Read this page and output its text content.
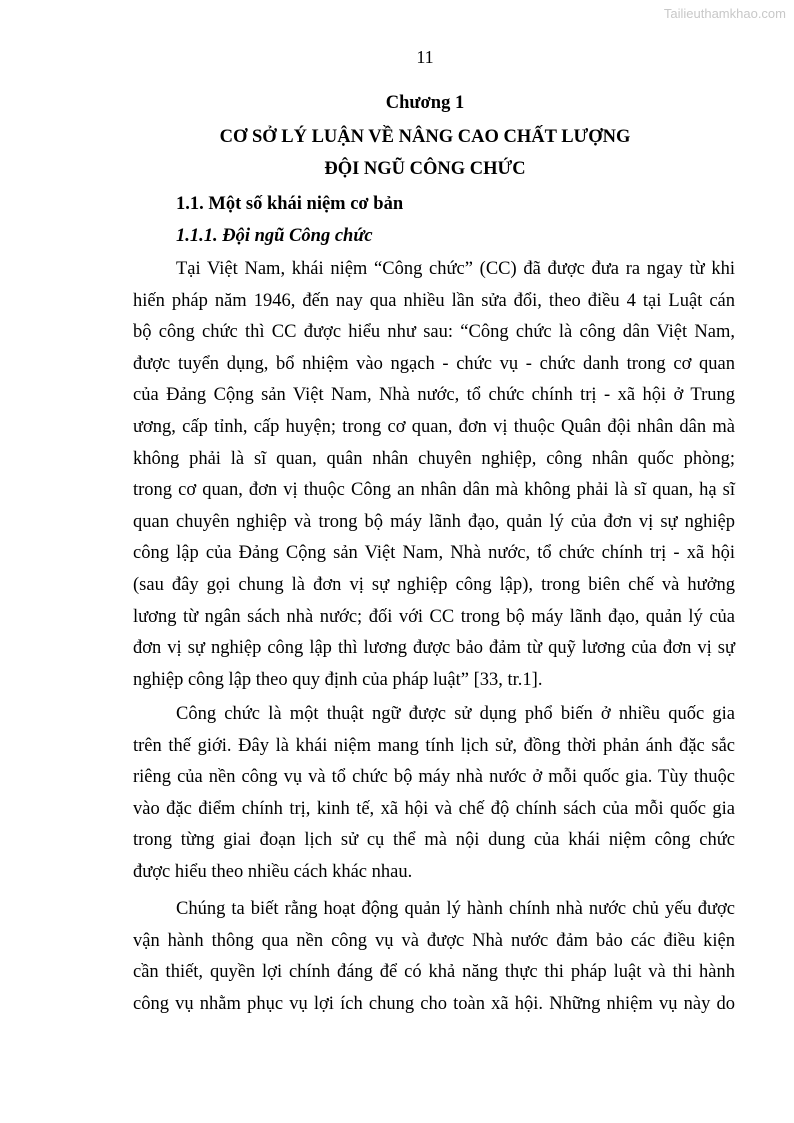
Tailieuthamkhao.com
11
Chương 1
CƠ SỞ LÝ LUẬN VỀ NÂNG CAO CHẤT LƯỢNG
ĐỘI NGŨ CÔNG CHỨC
1.1. Một số khái niệm cơ bản
1.1.1. Đội ngũ Công chức
Tại Việt Nam, khái niệm “Công chức” (CC) đã được đưa ra ngay từ khi
hiến pháp năm 1946, đến nay qua nhiều lần sửa đổi, theo điều 4 tại Luật cán
bộ công chức thì CC được hiểu như sau: “Công chức là công dân Việt Nam,
được tuyển dụng, bổ nhiệm vào ngạch - chức vụ - chức danh trong cơ quan
của Đảng Cộng sản Việt Nam, Nhà nước, tổ chức chính trị - xã hội ở Trung
ương, cấp tỉnh, cấp huyện; trong cơ quan, đơn vị thuộc Quân đội nhân dân mà
không phải là sĩ quan, quân nhân chuyên nghiệp, công nhân quốc phòng;
trong cơ quan, đơn vị thuộc Công an nhân dân mà không phải là sĩ quan, hạ sĩ
quan chuyên nghiệp và trong bộ máy lãnh đạo, quản lý của đơn vị sự nghiệp
công lập của Đảng Cộng sản Việt Nam, Nhà nước, tổ chức chính trị - xã hội
(sau đây gọi chung là đơn vị sự nghiệp công lập), trong biên chế và hưởng
lương từ ngân sách nhà nước; đối với CC trong bộ máy lãnh đạo, quản lý của
đơn vị sự nghiệp công lập thì lương được bảo đảm từ quỹ lương của đơn vị sự
nghiệp công lập theo quy định của pháp luật” [33, tr.1].
Công chức là một thuật ngữ được sử dụng phổ biến ở nhiều quốc gia
trên thế giới. Đây là khái niệm mang tính lịch sử, đồng thời phản ánh đặc sắc
riêng của nền công vụ và tổ chức bộ máy nhà nước ở mỗi quốc gia. Tùy thuộc
vào đặc điểm chính trị, kinh tế, xã hội và chế độ chính sách của mỗi quốc gia
trong từng giai đoạn lịch sử cụ thể mà nội dung của khái niệm công chức
được hiểu theo nhiều cách khác nhau.
Chúng ta biết rằng hoạt động quản lý hành chính nhà nước chủ yếu được
vận hành thông qua nền công vụ và được Nhà nước đảm bảo các điều kiện
cần thiết, quyền lợi chính đáng để có khả năng thực thi pháp luật và thi hành
công vụ nhằm phục vụ lợi ích chung cho toàn xã hội. Những nhiệm vụ này do
